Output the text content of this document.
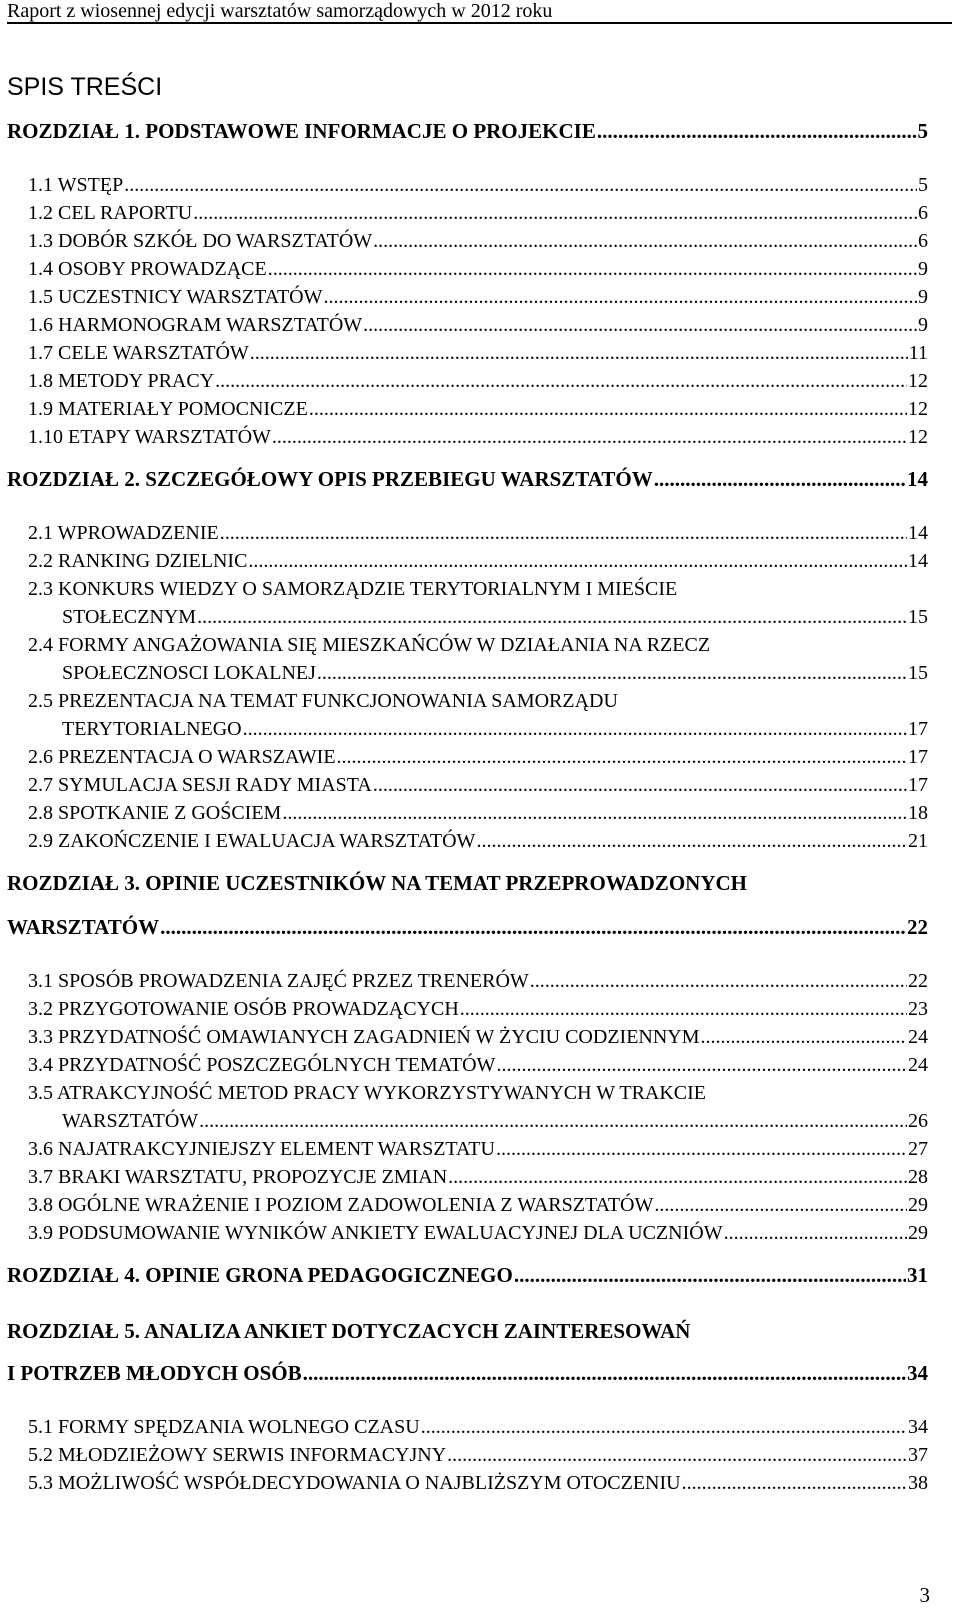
Raport z wiosennej edycji warsztatów samorządowych w 2012 roku
SPIS TREŚCI
ROZDZIAŁ 1. PODSTAWOWE INFORMACJE O PROJEKCIE .....	5
1.1 WSTĘP .....	5
1.2 CEL RAPORTU .....	6
1.3 DOBÓR SZKÓŁ DO WARSZTATÓW .....	6
1.4 OSOBY PROWADZĄCE .....	9
1.5 UCZESTNICY WARSZTATÓW .....	9
1.6 HARMONOGRAM WARSZTATÓW .....	9
1.7 CELE WARSZTATÓW .....	11
1.8 METODY PRACY .....	12
1.9 MATERIAŁY POMOCNICZE .....	12
1.10 ETAPY WARSZTATÓW .....	12
ROZDZIAŁ 2. SZCZEGÓŁOWY OPIS PRZEBIEGU WARSZTATÓW .....	14
2.1 WPROWADZENIE .....	14
2.2 RANKING DZIELNIC .....	14
2.3 KONKURS WIEDZY O SAMORZĄDZIE TERYTORIALNYM I MIEŚCIE
STOŁECZNYM .....	15
2.4 FORMY ANGAŻOWANIA SIĘ MIESZKAŃCÓW W DZIAŁANIA NA RZECZ
SPOŁECZNOSCI LOKALNEJ .....	15
2.5 PREZENTACJA NA TEMAT FUNKCJONOWANIA SAMORZĄDU
TERYTORIALNEGO .....	17
2.6 PREZENTACJA O WARSZAWIE .....	17
2.7 SYMULACJA SESJI RADY MIASTA .....	17
2.8 SPOTKANIE Z GOŚCIEM .....	18
2.9 ZAKOŃCZENIE I EWALUACJA WARSZTATÓW .....	21
ROZDZIAŁ 3. OPINIE UCZESTNIKÓW NA TEMAT PRZEPROWADZONYCH
WARSZTATÓW .....	22
3.1 SPOSÓB PROWADZENIA ZAJĘĆ PRZEZ TRENERÓW .....	22
3.2 PRZYGOTOWANIE OSÓB PROWADZĄCYCH .....	23
3.3 PRZYDATNOŚĆ OMAWIANYCH ZAGADNIEŃ W ŻYCIU CODZIENNYM .....	24
3.4 PRZYDATNOŚĆ POSZCZEGÓLNYCH TEMATÓW .....	24
3.5 ATRAKCYJNOŚĆ METOD PRACY WYKORZYSTYWANYCH W TRAKCIE
WARSZTATÓW .....	26
3.6 NAJATRAKCYJNIEJSZY ELEMENT WARSZTATU .....	27
3.7 BRAKI WARSZTATU, PROPOZYCJE ZMIAN .....	28
3.8 OGÓLNE WRAŻENIE I POZIOM ZADOWOLENIA Z WARSZTATÓW .....	29
3.9 PODSUMOWANIE WYNIKÓW ANKIETY EWALUACYJNEJ DLA UCZNIÓW .....	29
ROZDZIAŁ 4. OPINIE GRONA PEDAGOGICZNEGO .....	31
ROZDZIAŁ 5. ANALIZA ANKIET DOTYCZACYCH ZAINTERESOWAŃ
I POTRZEB MŁODYCH OSÓB .....	34
5.1 FORMY SPĘDZANIA WOLNEGO CZASU .....	34
5.2 MŁODZIEŻOWY SERWIS INFORMACYJNY .....	37
5.3 MOŻLIWOŚĆ WSPÓŁDECYDOWANIA O NAJBLIŻSZYM OTOCZENIU .....	38
3
